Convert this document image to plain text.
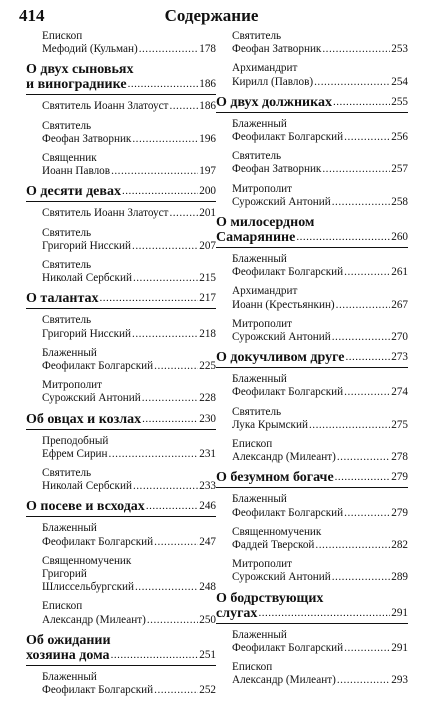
414	Содержание
Епископ
Мефодий (Кульман) .....	178
О двух сыновьях
и винограднике .....	186
Святитель Иоанн Златоуст .....	186
Святитель
Феофан Затворник .....	196
Священник
Иоанн Павлов .....	197
О десяти девах .....	200
Святитель Иоанн Златоуст .....	201
Святитель
Григорий Нисский .....	207
Святитель
Николай Сербский .....	215
О талантах .....	217
Святитель
Григорий Нисский .....	218
Блаженный
Феофилакт Болгарский .....	225
Митрополит
Сурожский Антоний .....	228
Об овцах и козлах .....	230
Преподобный
Ефрем Сирин .....	231
Святитель
Николай Сербский .....	233
О посеве и всходах .....	246
Блаженный
Феофилакт Болгарский .....	247
Священномученик
Григорий
Шлиссельбургский .....	248
Епископ
Александр (Милеант) .....	250
Об ожидании
хозяина дома .....	251
Блаженный
Феофилакт Болгарский .....	252
Святитель
Феофан Затворник .....	253
Архимандрит
Кирилл (Павлов) .....	254
О двух должниках .....	255
Блаженный
Феофилакт Болгарский .....	256
Святитель
Феофан Затворник .....	257
Митрополит
Сурожский Антоний .....	258
О милосердном
Самарянине .....	260
Блаженный
Феофилакт Болгарский .....	261
Архимандрит
Иоанн (Крестьянкин) .....	267
Митрополит
Сурожский Антоний .....	270
О докучливом друге .....	273
Блаженный
Феофилакт Болгарский .....	274
Святитель
Лука Крымский .....	275
Епископ
Александр (Милеант) .....	278
О безумном богаче .....	279
Блаженный
Феофилакт Болгарский .....	279
Священномученик
Фаддей Тверской .....	282
Митрополит
Сурожский Антоний .....	289
О бодрствующих
слугах .....	291
Блаженный
Феофилакт Болгарский .....	291
Епископ
Александр (Милеант) .....	293
